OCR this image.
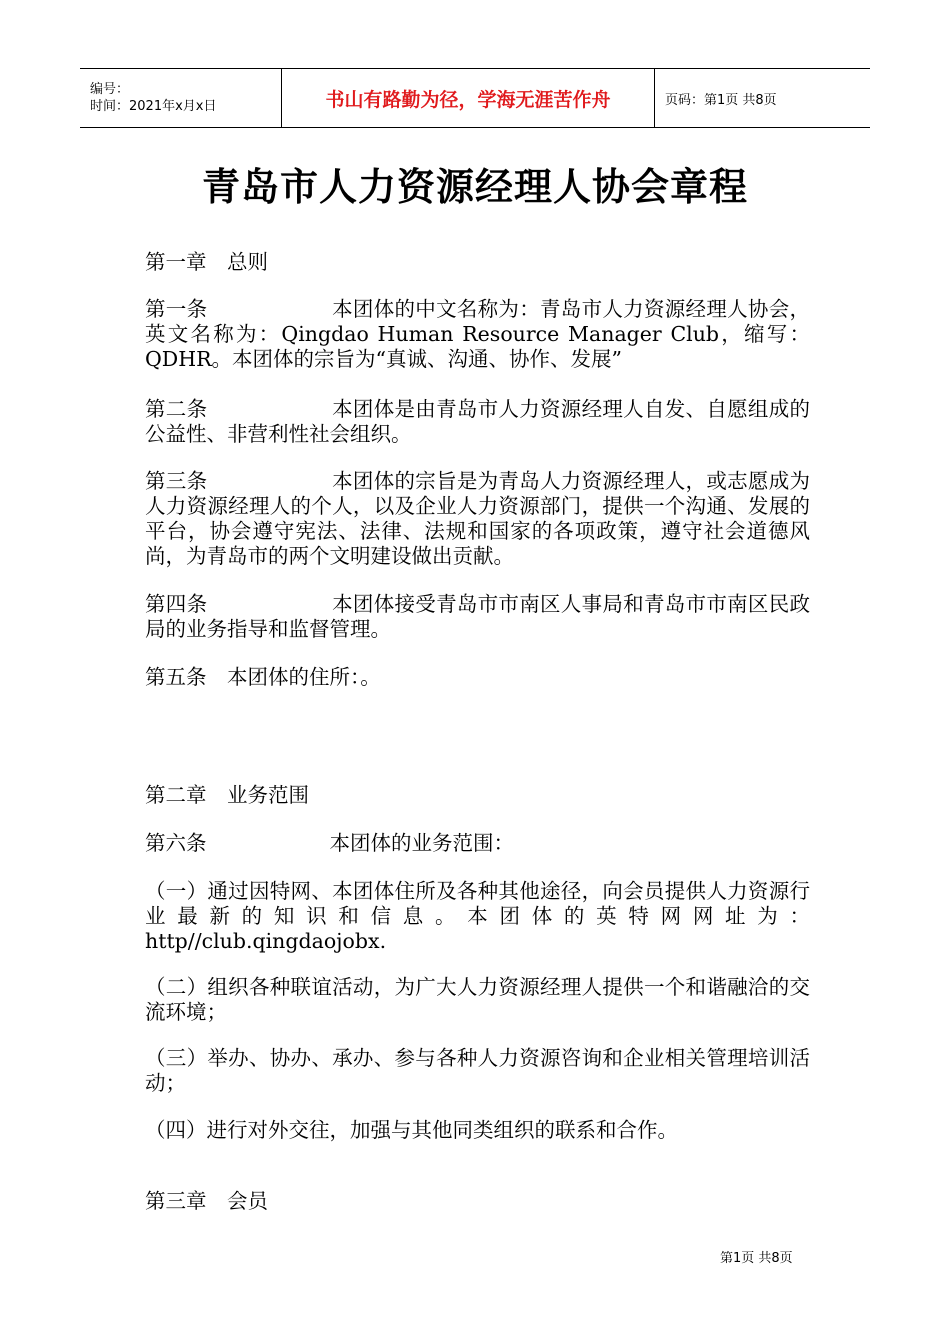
编号：
时间：2021年x月x日	书山有路勤为径，学海无涯苦作舟	页码：第1页 共8页
青岛市人力资源经理人协会章程

第一章　总则

第一条　　　　　　本团体的中文名称为：青岛市人力资源经理人协会，英文名称为：Qingdao Human Resource Manager Club，缩写：QDHR。本团体的宗旨为“真诚、沟通、协作、发展”

第二条　　　　　　本团体是由青岛市人力资源经理人自发、自愿组成的公益性、非营利性社会组织。

第三条　　　　　　本团体的宗旨是为青岛人力资源经理人，或志愿成为人力资源经理人的个人，以及企业人力资源部门，提供一个沟通、发展的平台，协会遵守宪法、法律、法规和国家的各项政策，遵守社会道德风尚，为青岛市的两个文明建设做出贡献。

第四条　　　　　　本团体接受青岛市市南区人事局和青岛市市南区民政局的业务指导和监督管理。

第五条　本团体的住所：。

第二章　业务范围

第六条　　　　　　本团体的业务范围：

（一）通过因特网、本团体住所及各种其他途径，向会员提供人力资源行业最新的知识和信息。本团体的英特网网址为：http//club.qingdaojobx.

（二）组织各种联谊活动，为广大人力资源经理人提供一个和谐融洽的交流环境；

（三）举办、协办、承办、参与各种人力资源咨询和企业相关管理培训活动；

（四）进行对外交往，加强与其他同类组织的联系和合作。

第三章　会员

第1页 共8页
